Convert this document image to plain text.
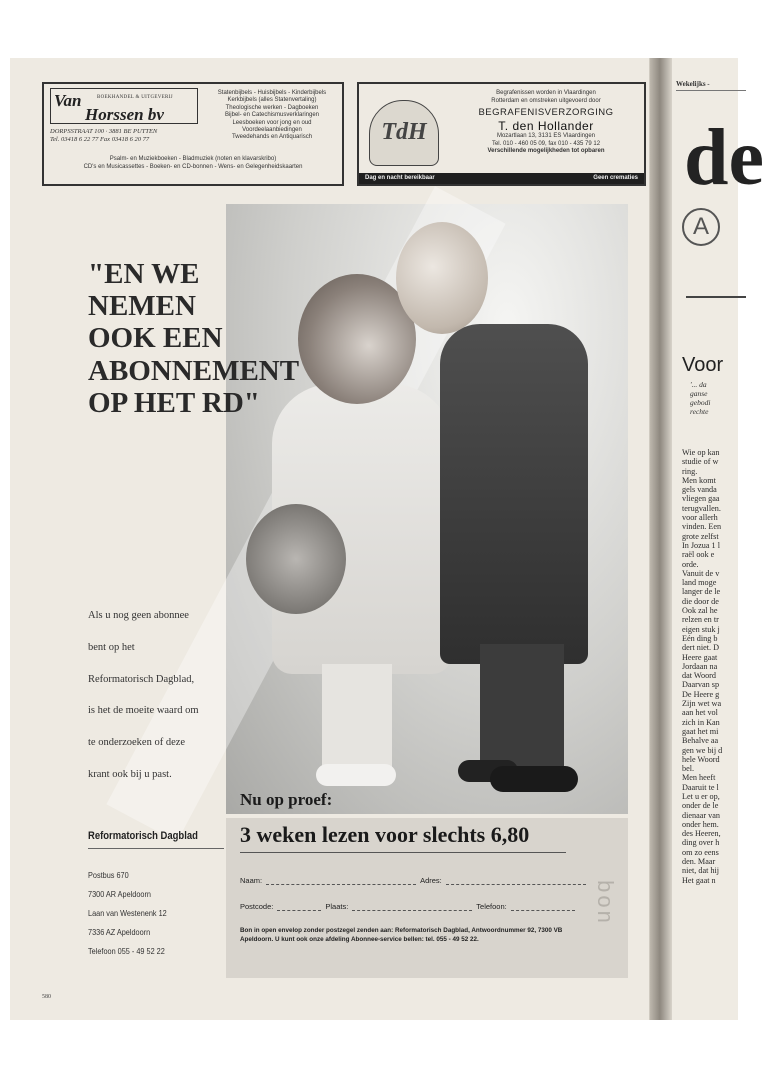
Van	BOEKHANDEL & UITGEVERIJ
Horssen bv
DORPSSTRAAT 100 · 3881 BE PUTTEN
Tel. 03418 6 22 77 Fax 03418 6 20 77
Statenbijbels - Huisbijbels - Kinderbijbels
Kerkbijbels (alles Statenvertaling)
Theologische werken - Dagboeken
Bijbel- en Catechismusverklaringen
Leesboeken voor jong en oud
Voordeelaanbiedingen
Tweedehands en Antiquarisch
Psalm- en Muziekboeken - Bladmuziek (noten en klavarskribo)
CD's en Musicassettes - Boeken- en CD-bonnen - Wens- en Gelegenheidskaarten
TdH
Begrafenissen worden in Vlaardingen
Rotterdam en omstreken uitgevoerd door
BEGRAFENISVERZORGING
T. den Hollander
Mozartlaan 13, 3131 ES Vlaardingen
Tel. 010 - 460 05 09, fax 010 - 435 79 12
Verschillende mogelijkheden tot opbaren
Dag en nacht bereikbaar	Geen crematies
"EN WE
NEMEN
OOK EEN
ABONNEMENT
OP HET RD"
Als u nog geen abonnee
bent op het
Reformatorisch Dagblad,
is het de moeite waard om
te onderzoeken of deze
krant ook bij u past.
Reformatorisch Dagblad
Postbus 670
7300 AR Apeldoorn
Laan van Westenenk 12
7336 AZ Apeldoorn
Telefoon 055 - 49 52 22
Nu op proef:
3 weken lezen voor slechts 6,80
Naam:	Adres:
Postcode:	Plaats:	Telefoon:
Bon in open envelop zonder postzegel zenden aan: Reformatorisch Dagblad, Antwoordnummer 92, 7300 VB Apeldoorn. U kunt ook onze afdeling Abonnee-service bellen: tel. 055 - 49 52 22.
bon
580
Wekelijks -
de
A
Voor
'... da
ganse
gebodi
rechte
Wie op kan
studie of w
ring.
Men komt
gels vanda
vliegen gaa
terugvallen.
voor allerh
vinden. Een
grote zelfst
In Jozua 1 l
raël ook e
orde.
Vanuit de v
land moge
langer de le
die door de
Ook zal he
relzen en tr
eigen stuk j
Eén ding b
dert niet. D
Heere gaat
Jordaan na
dat Woord
Daarvan sp
De Heere g
Zijn wet wa
aan het vol
zich in Kan
gaat het mi
Behalve aa
gen we bij d
hele Woord
bel.
Men heeft
Daaruit te l
Let u er op,
onder de le
dienaar van
onder hem.
des Heeren,
ding over h
om zo eens
den. Maar
niet, dat hij
Het gaat n
